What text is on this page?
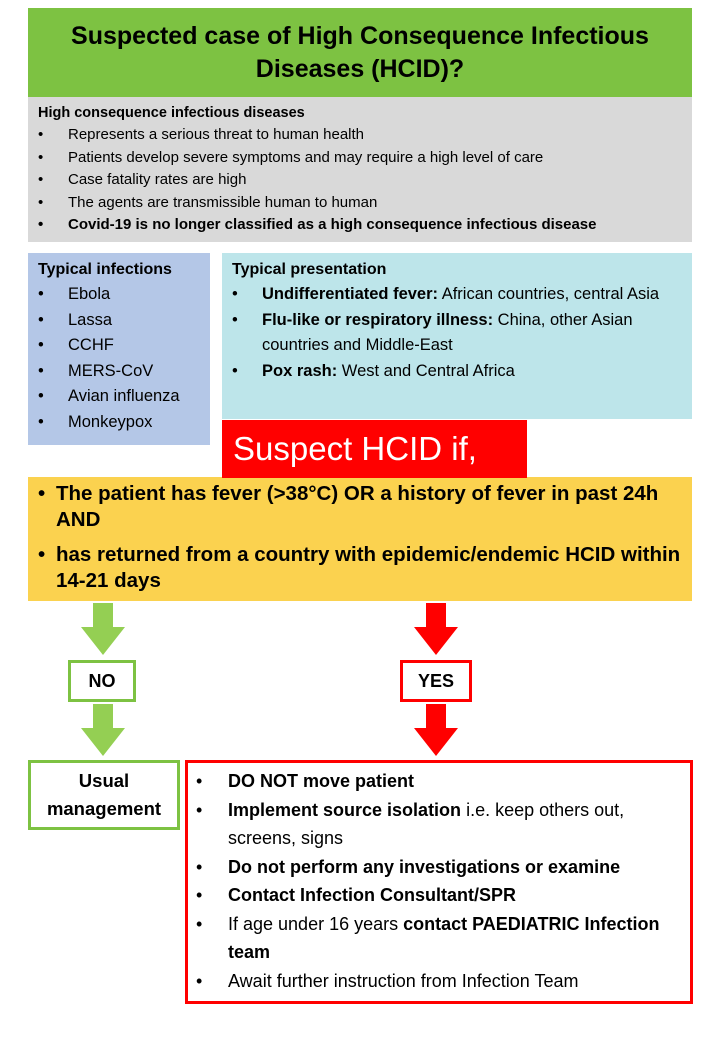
Suspected case of High Consequence Infectious Diseases (HCID)?
High consequence infectious diseases
• Represents a serious threat to human health
• Patients develop severe symptoms and may require a high level of care
• Case fatality rates are high
• The agents are transmissible human to human
• Covid-19 is no longer classified as a high consequence infectious disease
Typical infections
• Ebola
• Lassa
• CCHF
• MERS-CoV
• Avian influenza
• Monkeypox
Typical presentation
• Undifferentiated fever: African countries, central Asia
• Flu-like or respiratory illness: China, other Asian countries and Middle-East
• Pox rash: West and Central Africa
• The patient has fever (>38°C) OR a history of fever in past 24h AND
• has returned from a country with epidemic/endemic HCID within 14-21 days
Suspect HCID if,
NO	YES
Usual management
• DO NOT move patient
• Implement source isolation i.e. keep others out, screens, signs
• Do not perform any investigations or examine
• Contact Infection Consultant/SPR
• If age under 16 years contact PAEDIATRIC Infection team
• Await further instruction from Infection Team
